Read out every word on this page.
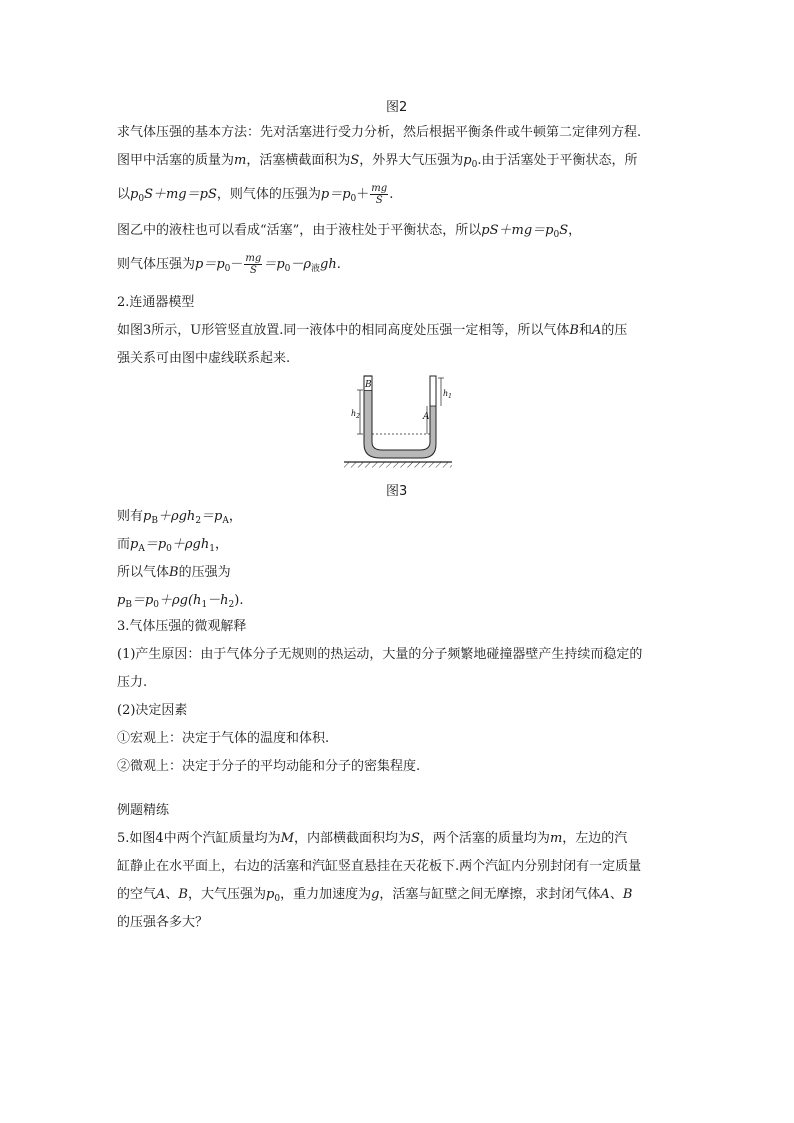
图2
求气体压强的基本方法：先对活塞进行受力分析，然后根据平衡条件或牛顿第二定律列方程.
图甲中活塞的质量为m，活塞横截面积为S，外界大气压强为$p_0$.由于活塞处于平衡状态，所
以$p_0S+mg=pS$，则气体的压强为$p=p_0+ \frac{mg}{S}$ .
图乙中的液柱也可以看成“活塞”，由于液柱处于平衡状态，所以$pS+mg=p_0S$，
则气体压强为$p=p_0- \frac{mg}{S} =p_0-\rho_液gh$.
2.连通器模型
如图3所示，U形管竖直放置.同一液体中的相同高度处压强一定相等，所以气体B和A的压
强关系可由图中虚线联系起来.
则有$p_B+\rho gh_2=p_A$，
而$p_A=p_0+\rho gh_1$，
所以气体B的压强为
$p_B=p_0+\rho g(h_1-h_2)$.
3.气体压强的微观解释
(1)产生原因：由于气体分子无规则的热运动，大量的分子频繁地碰撞器壁产生持续而稳定的
压力.
(2)决定因素
①宏观上：决定于气体的温度和体积.
②微观上：决定于分子的平均动能和分子的密集程度.
例题精练
5.如图4中两个汽缸质量均为M，内部横截面积均为S，两个活塞的质量均为m，左边的汽
缸静止在水平面上，右边的活塞和汽缸竖直悬挂在天花板下.两个汽缸内分别封闭有一定质量
的空气A、B，大气压强为$p_0$，重力加速度为g，活塞与缸壁之间无摩擦，求封闭气体A、B
的压强各多大？
B
A
$h_2$
$h_1$
图3
